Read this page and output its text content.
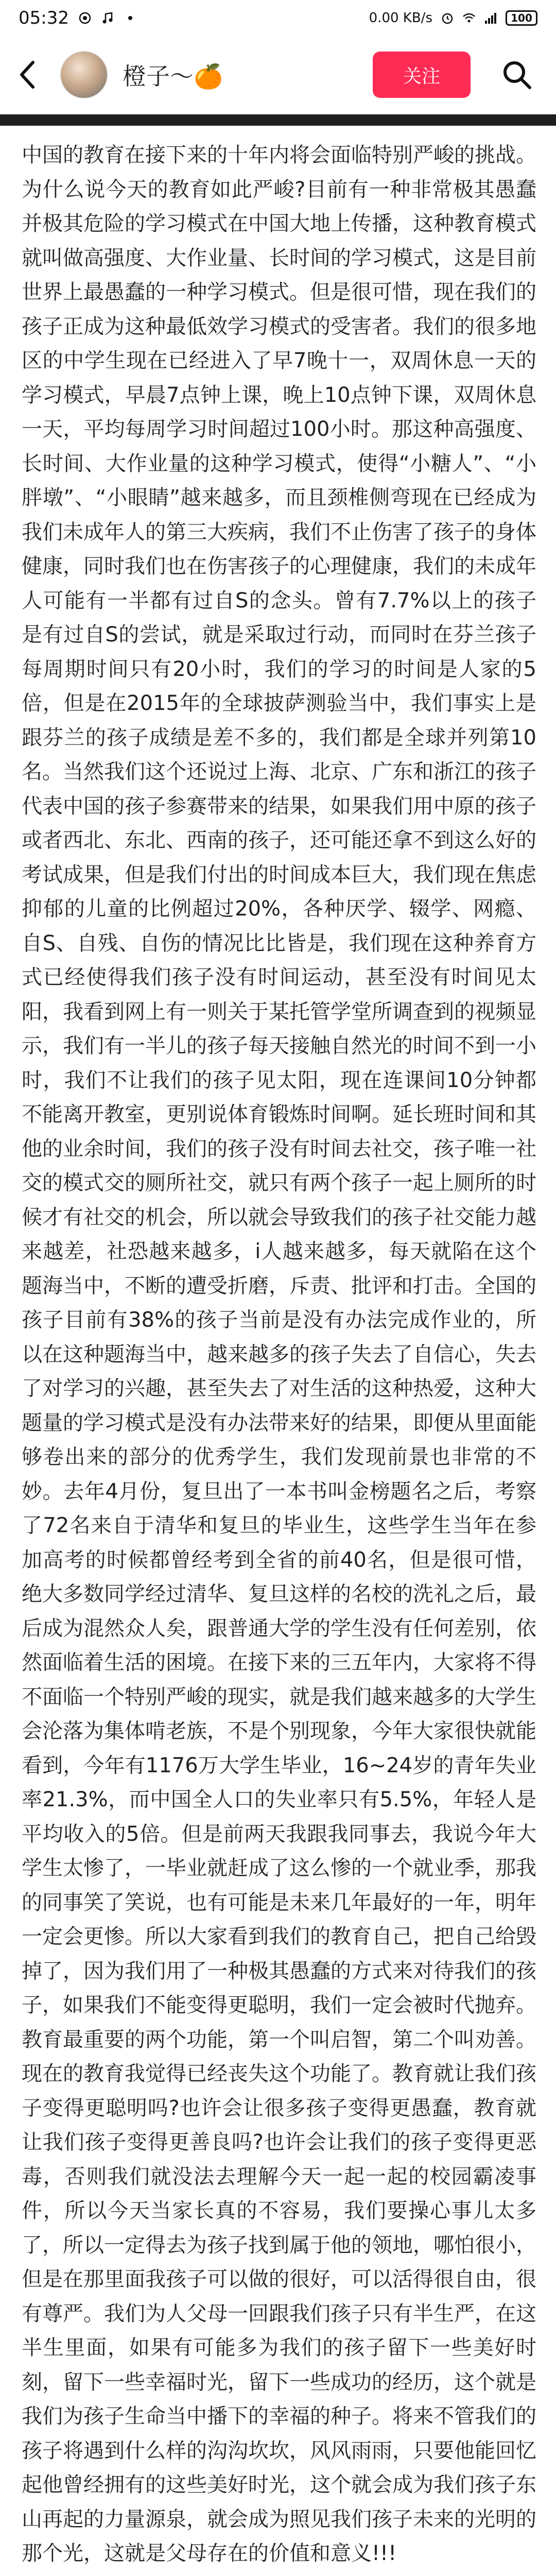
05:32	0.00 KB/s	100
橙子～🍊	关注

中国的教育在接下来的十年内将会面临特别严峻的挑战。为什么说今天的教育如此严峻?目前有一种非常极其愚蠢并极其危险的学习模式在中国大地上传播，这种教育模式就叫做高强度、大作业量、长时间的学习模式，这是目前世界上最愚蠢的一种学习模式。但是很可惜，现在我们的孩子正成为这种最低效学习模式的受害者。我们的很多地区的中学生现在已经进入了早7晚十一，双周休息一天的学习模式，早晨7点钟上课，晚上10点钟下课，双周休息一天，平均每周学习时间超过100小时。那这种高强度、长时间、大作业量的这种学习模式，使得“小糖人”、“小胖墩”、“小眼睛”越来越多，而且颈椎侧弯现在已经成为我们未成年人的第三大疾病，我们不止伤害了孩子的身体健康，同时我们也在伤害孩子的心理健康，我们的未成年人可能有一半都有过自S的念头。曾有7.7%以上的孩子是有过自S的尝试，就是采取过行动，而同时在芬兰孩子每周期时间只有20小时，我们的学习的时间是人家的5倍，但是在2015年的全球披萨测验当中，我们事实上是跟芬兰的孩子成绩是差不多的，我们都是全球并列第10名。当然我们这个还说过上海、北京、广东和浙江的孩子代表中国的孩子参赛带来的结果，如果我们用中原的孩子或者西北、东北、西南的孩子，还可能还拿不到这么好的考试成果，但是我们付出的时间成本巨大，我们现在焦虑抑郁的儿童的比例超过20%，各种厌学、辍学、网瘾、自S、自残、自伤的情况比比皆是，我们现在这种养育方式已经使得我们孩子没有时间运动，甚至没有时间见太阳，我看到网上有一则关于某托管学堂所调查到的视频显示，我们有一半儿的孩子每天接触自然光的时间不到一小时，我们不让我们的孩子见太阳，现在连课间10分钟都不能离开教室，更别说体育锻炼时间啊。延长班时间和其他的业余时间，我们的孩子没有时间去社交，孩子唯一社交的模式交的厕所社交，就只有两个孩子一起上厕所的时候才有社交的机会，所以就会导致我们的孩子社交能力越来越差，社恐越来越多，i人越来越多，每天就陷在这个题海当中，不断的遭受折磨，斥责、批评和打击。全国的孩子目前有38%的孩子当前是没有办法完成作业的，所以在这种题海当中，越来越多的孩子失去了自信心，失去了对学习的兴趣，甚至失去了对生活的这种热爱，这种大题量的学习模式是没有办法带来好的结果，即便从里面能够卷出来的部分的优秀学生，我们发现前景也非常的不妙。去年4月份，复旦出了一本书叫金榜题名之后，考察了72名来自于清华和复旦的毕业生，这些学生当年在参加高考的时候都曾经考到全省的前40名，但是很可惜，绝大多数同学经过清华、复旦这样的名校的洗礼之后，最后成为混然众人矣，跟普通大学的学生没有任何差别，依然面临着生活的困境。在接下来的三五年内，大家将不得不面临一个特别严峻的现实，就是我们越来越多的大学生会沦落为集体啃老族，不是个别现象，今年大家很快就能看到，今年有1176万大学生毕业，16~24岁的青年失业率21.3%，而中国全人口的失业率只有5.5%，年轻人是平均收入的5倍。但是前两天我跟我同事去，我说今年大学生太惨了，一毕业就赶成了这么惨的一个就业季，那我的同事笑了笑说，也有可能是未来几年最好的一年，明年一定会更惨。所以大家看到我们的教育自己，把自己给毁掉了，因为我们用了一种极其愚蠢的方式来对待我们的孩子，如果我们不能变得更聪明，我们一定会被时代抛弃。教育最重要的两个功能，第一个叫启智，第二个叫劝善。现在的教育我觉得已经丧失这个功能了。教育就让我们孩子变得更聪明吗?也许会让很多孩子变得更愚蠢，教育就让我们孩子变得更善良吗?也许会让我们的孩子变得更恶毒，否则我们就没法去理解今天一起一起的校园霸凌事件，所以今天当家长真的不容易，我们要操心事儿太多了，所以一定得去为孩子找到属于他的领地，哪怕很小，但是在那里面我孩子可以做的很好，可以活得很自由，很有尊严。我们为人父母一回跟我们孩子只有半生严，在这半生里面，如果有可能多为我们的孩子留下一些美好时刻，留下一些幸福时光，留下一些成功的经历，这个就是我们为孩子生命当中播下的幸福的种子。将来不管我们的孩子将遇到什么样的沟沟坎坎，风风雨雨，只要他能回忆起他曾经拥有的这些美好时光，这个就会成为我们孩子东山再起的力量源泉，就会成为照见我们孩子未来的光明的那个光，这就是父母存在的价值和意义!!!
